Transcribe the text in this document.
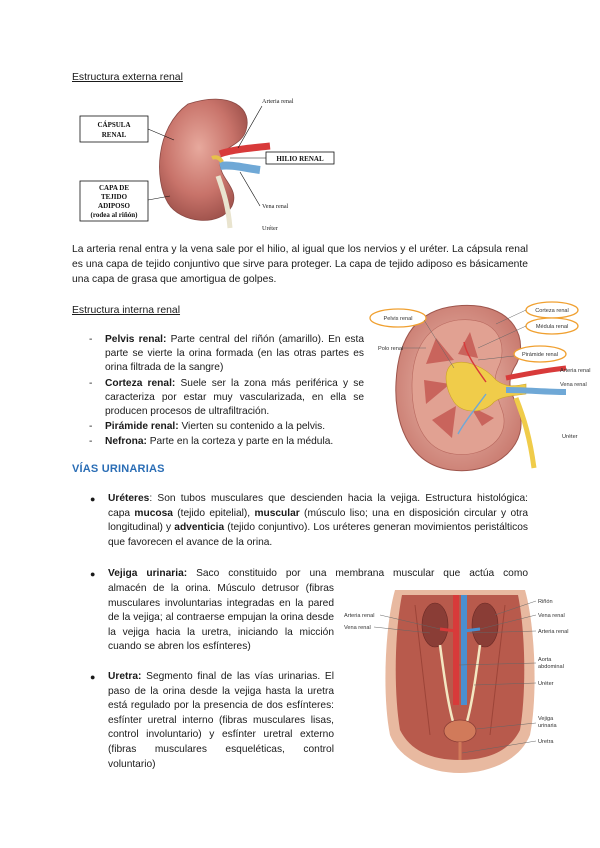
Estructura externa renal
CÁPSULA
RENAL
Arteria renal
HILIO RENAL
CAPA DE
TEJIDO
ADIPOSO
(rodea al riñón)
Vena renal
Uréter
La arteria renal entra y la vena sale por el hilio, al igual que los nervios y el uréter. La cápsula renal es una capa de tejido conjuntivo que sirve para proteger. La capa de tejido adiposo es básicamente una capa de grasa que amortigua de golpes.
Estructura interna renal
- Pelvis renal: Parte central del riñón (amarillo). En esta parte se vierte la orina formada (en las otras partes es orina filtrada de la sangre)
- Corteza renal: Suele ser la zona más periférica y se caracteriza por estar muy vascularizada, en ella se producen procesos de ultrafiltración.
- Pirámide renal: Vierten su contenido a la pelvis.
- Nefrona: Parte en la corteza y parte en la médula.
Pelvis renal
Corteza renal
Médula renal
Polo renal
Pirámide renal
Arteria renal
Vena renal
Uréter
VÍAS URINARIAS
● Uréteres: Son tubos musculares que descienden hacia la vejiga. Estructura histológica: capa mucosa (tejido epitelial), muscular (músculo liso; una en disposición circular y otra longitudinal) y adventicia (tejido conjuntivo). Los uréteres generan movimientos peristálticos que favorecen el avance de la orina.
●	Vejiga urinaria: Saco constituido por una membrana muscular que actúa como
almacén de la orina. Músculo detrusor (fibras musculares involuntarias integradas en la pared de la vejiga; al contraerse empujan la orina desde la vejiga hacia la uretra, iniciando la micción cuando se abren los esfínteres)
● Uretra: Segmento final de las vías urinarias. El paso de la orina desde la vejiga hasta la uretra está regulado por la presencia de dos esfínteres: esfínter uretral interno (fibras musculares lisas, control involuntario) y esfínter uretral externo (fibras musculares esqueléticas, control voluntario)
Arteria renal
Vena renal
Riñón
Vena renal
Arteria renal
Aorta
abdominal
Uréter
Vejiga
urinaria
Uretra
